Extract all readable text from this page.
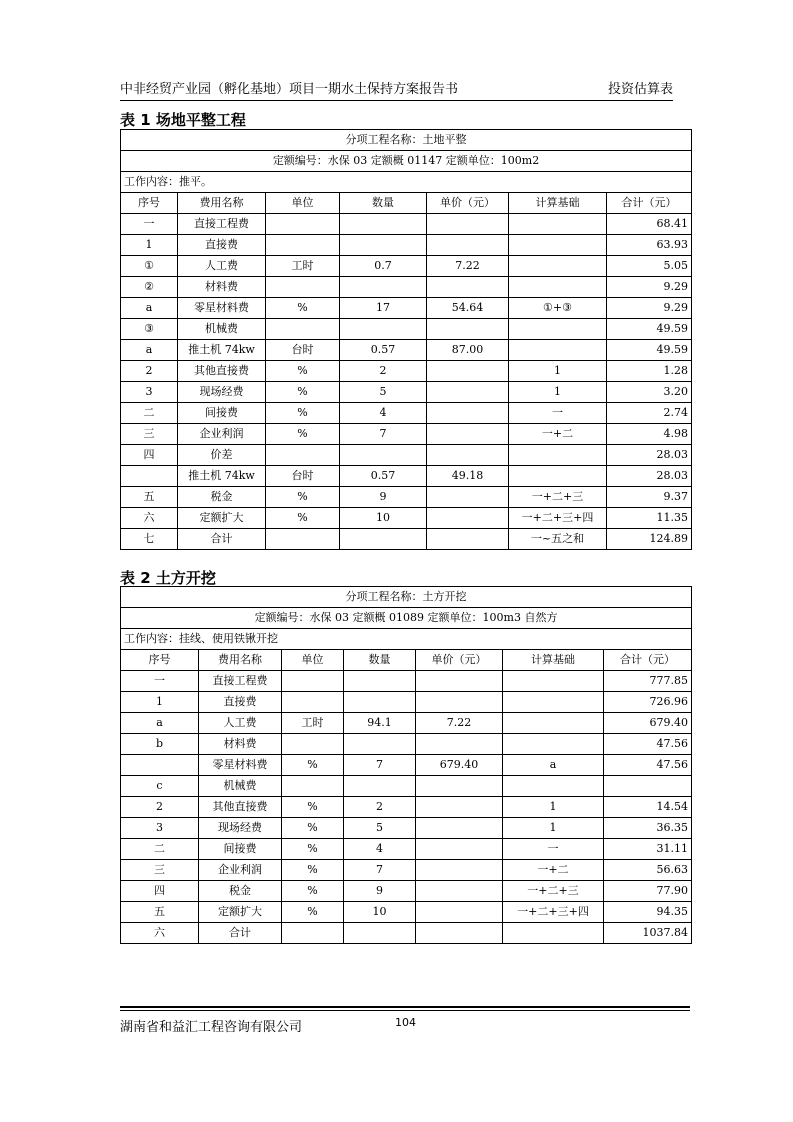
中非经贸产业园（孵化基地）项目一期水土保持方案报告书	投资估算表
表 1 场地平整工程
分项工程名称：土地平整						
定额编号：水保 03 定额概 01147 定额单位：100m2						
工作内容：推平。						
序号	费用名称	单位	数量	单价（元）	计算基础	合计（元）
一	直接工程费					68.41
1	直接费					63.93
①	人工费	工时	0.7	7.22		5.05
②	材料费					9.29
a	零星材料费	%	17	54.64	①+③	9.29
③	机械费					49.59
a	推土机 74kw	台时	0.57	87.00		49.59
2	其他直接费	%	2		1	1.28
3	现场经费	%	5		1	3.20
二	间接费	%	4		一	2.74
三	企业利润	%	7		一+二	4.98
四	价差					28.03
	推土机 74kw	台时	0.57	49.18		28.03
五	税金	%	9		一+二+三	9.37
六	定额扩大	%	10		一+二+三+四	11.35
七	合计				一~五之和	124.89
表 2 土方开挖
分项工程名称：土方开挖						
定额编号：水保 03 定额概 01089 定额单位：100m3 自然方						
工作内容：挂线、使用铁锹开挖						
序号	费用名称	单位	数量	单价（元）	计算基础	合计（元）
一	直接工程费					777.85
1	直接费					726.96
a	人工费	工时	94.1	7.22		679.40
b	材料费					47.56
	零星材料费	%	7	679.40	a	47.56
c	机械费					
2	其他直接费	%	2		1	14.54
3	现场经费	%	5		1	36.35
二	间接费	%	4		一	31.11
三	企业利润	%	7		一+二	56.63
四	税金	%	9		一+二+三	77.90
五	定额扩大	%	10		一+二+三+四	94.35
六	合计					1037.84
湖南省和益汇工程咨询有限公司	104
